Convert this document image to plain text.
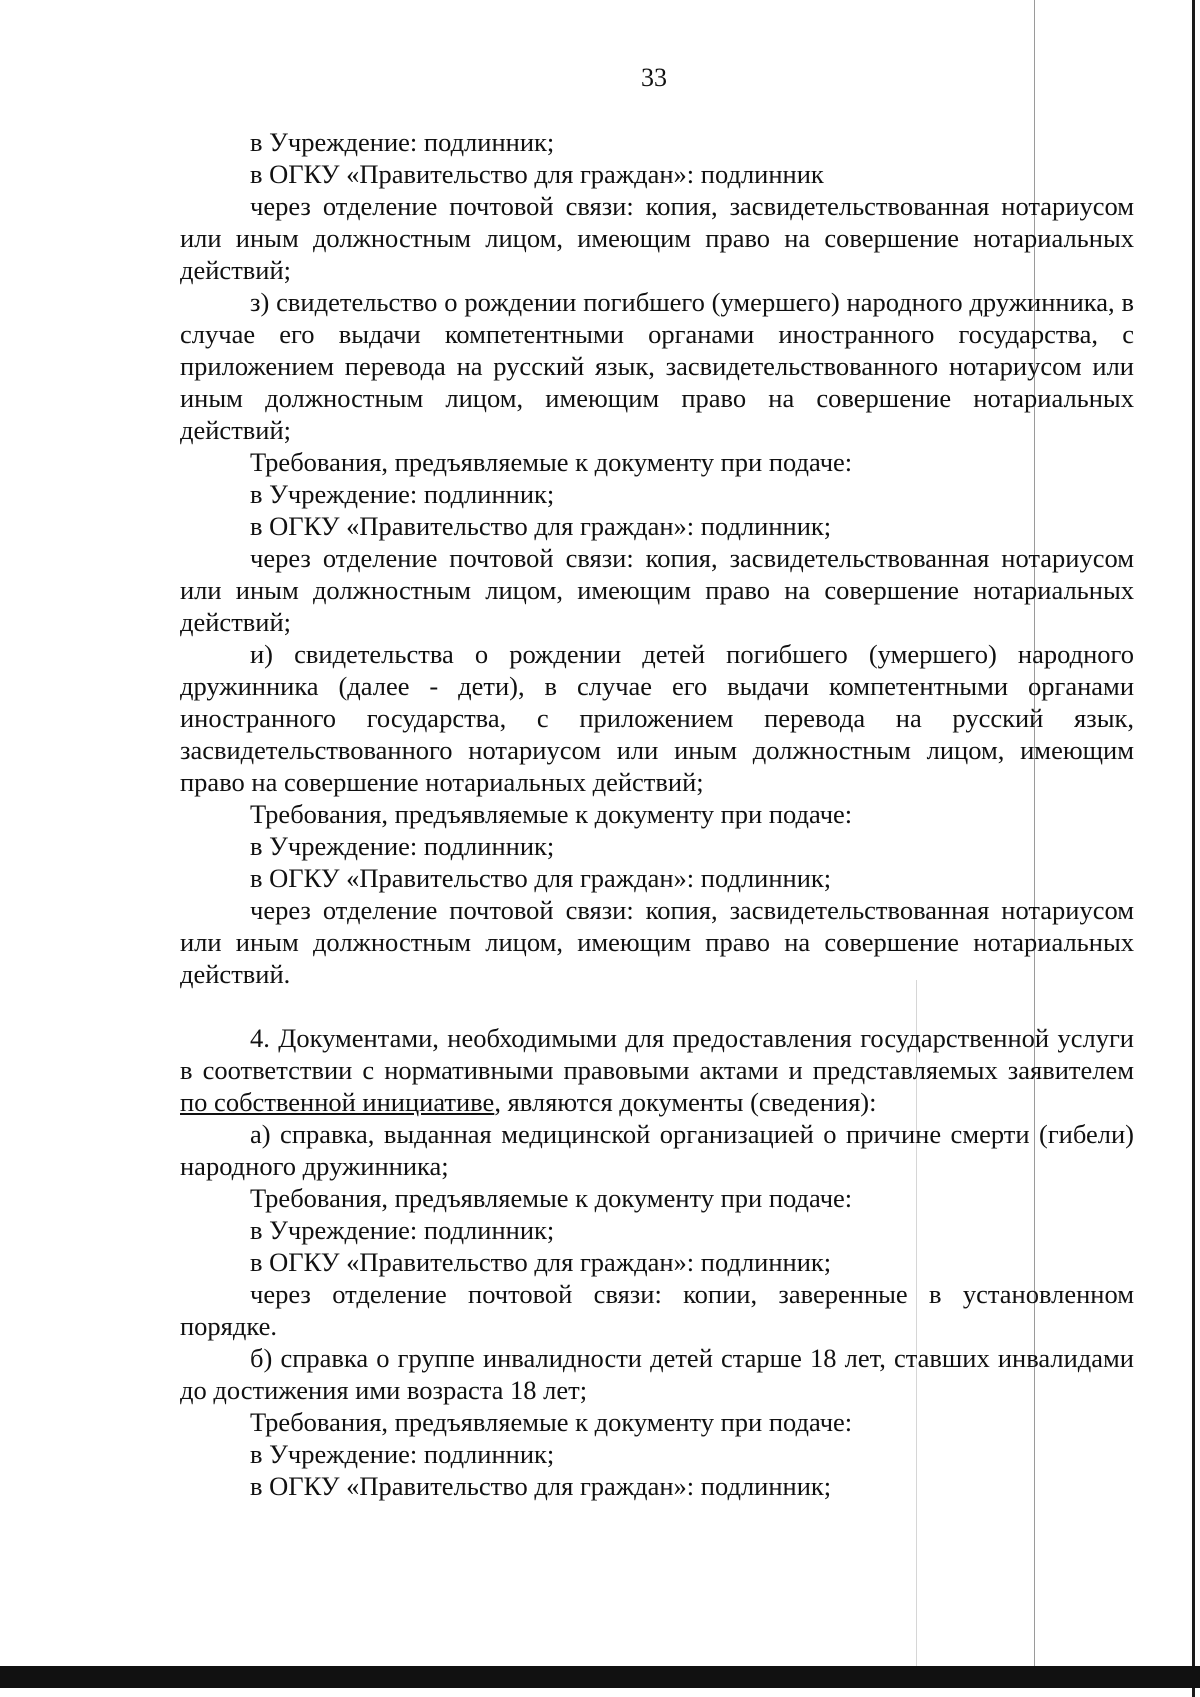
33

в Учреждение: подлинник;

в ОГКУ «Правительство для граждан»: подлинник

через отделение почтовой связи: копия, засвидетельствованная нотариусом или иным должностным лицом, имеющим право на совершение нотариальных действий;

з) свидетельство о рождении погибшего (умершего) народного дружинника, в случае его выдачи компетентными органами иностранного государства, с приложением перевода на русский язык, засвидетельствованного нотариусом или иным должностным лицом, имеющим право на совершение нотариальных действий;

Требования, предъявляемые к документу при подаче:

в Учреждение: подлинник;

в ОГКУ «Правительство для граждан»: подлинник;

через отделение почтовой связи: копия, засвидетельствованная нотариусом или иным должностным лицом, имеющим право на совершение нотариальных действий;

и) свидетельства о рождении детей погибшего (умершего) народного дружинника (далее - дети), в случае его выдачи компетентными органами иностранного государства, с приложением перевода на русский язык, засвидетельствованного нотариусом или иным должностным лицом, имеющим право на совершение нотариальных действий;

Требования, предъявляемые к документу при подаче:

в Учреждение: подлинник;

в ОГКУ «Правительство для граждан»: подлинник;

через отделение почтовой связи: копия, засвидетельствованная нотариусом или иным должностным лицом, имеющим право на совершение нотариальных действий.

4. Документами, необходимыми для предоставления государственной услуги в соответствии с нормативными правовыми актами и представляемых заявителем по собственной инициативе, являются документы (сведения):

а) справка, выданная медицинской организацией о причине смерти (гибели) народного дружинника;

Требования, предъявляемые к документу при подаче:

в Учреждение: подлинник;

в ОГКУ «Правительство для граждан»: подлинник;

через отделение почтовой связи: копии, заверенные в установленном порядке.

б) справка о группе инвалидности детей старше 18 лет, ставших инвалидами до достижения ими возраста 18 лет;

Требования, предъявляемые к документу при подаче:

в Учреждение: подлинник;

в ОГКУ «Правительство для граждан»: подлинник;
